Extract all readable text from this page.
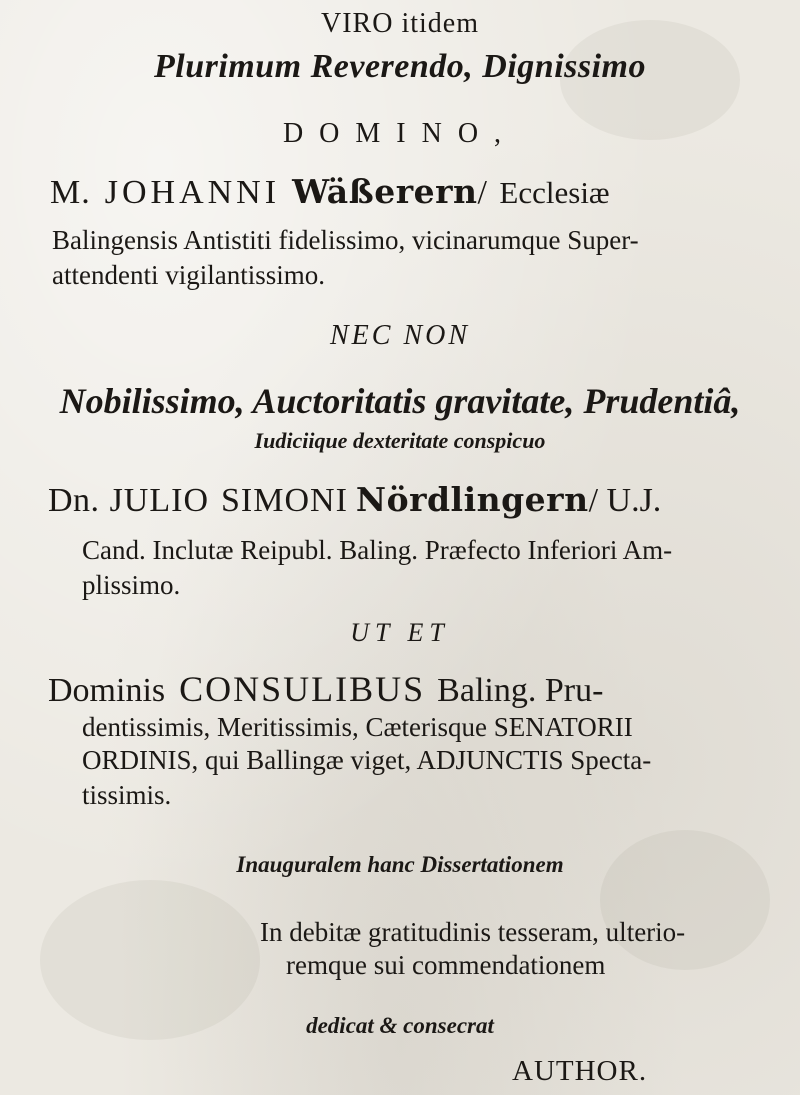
VIRO itidem
Plurimum Reverendo, Dignissimo
DOMINO,
M. JOHANNI Wäßerern/ Ecclesiæ
Balingensis Antistiti fidelissimo, vicinarumque Super-
attendenti vigilantissimo.
NEC NON
Nobilissimo, Auctoritatis gravitate, Prudentiâ,
Iudiciique dexteritate conspicuo
Dn. JULIO SIMONI Nördlingern/ U.J.
Cand. Inclutæ Reipubl. Baling. Præfecto Inferiori Am-
plissimo.
UT ET
Dominis CONSULIBUS Baling. Pru-
dentissimis, Meritissimis, Cæterisque SENATORII
ORDINIS, qui Ballingæ viget, ADJUNCTIS Specta-
tissimis.
Inauguralem hanc Dissertationem
In debitæ gratitudinis tesseram, ulterio-
remque sui commendationem
dedicat & consecrat
AUTHOR.
